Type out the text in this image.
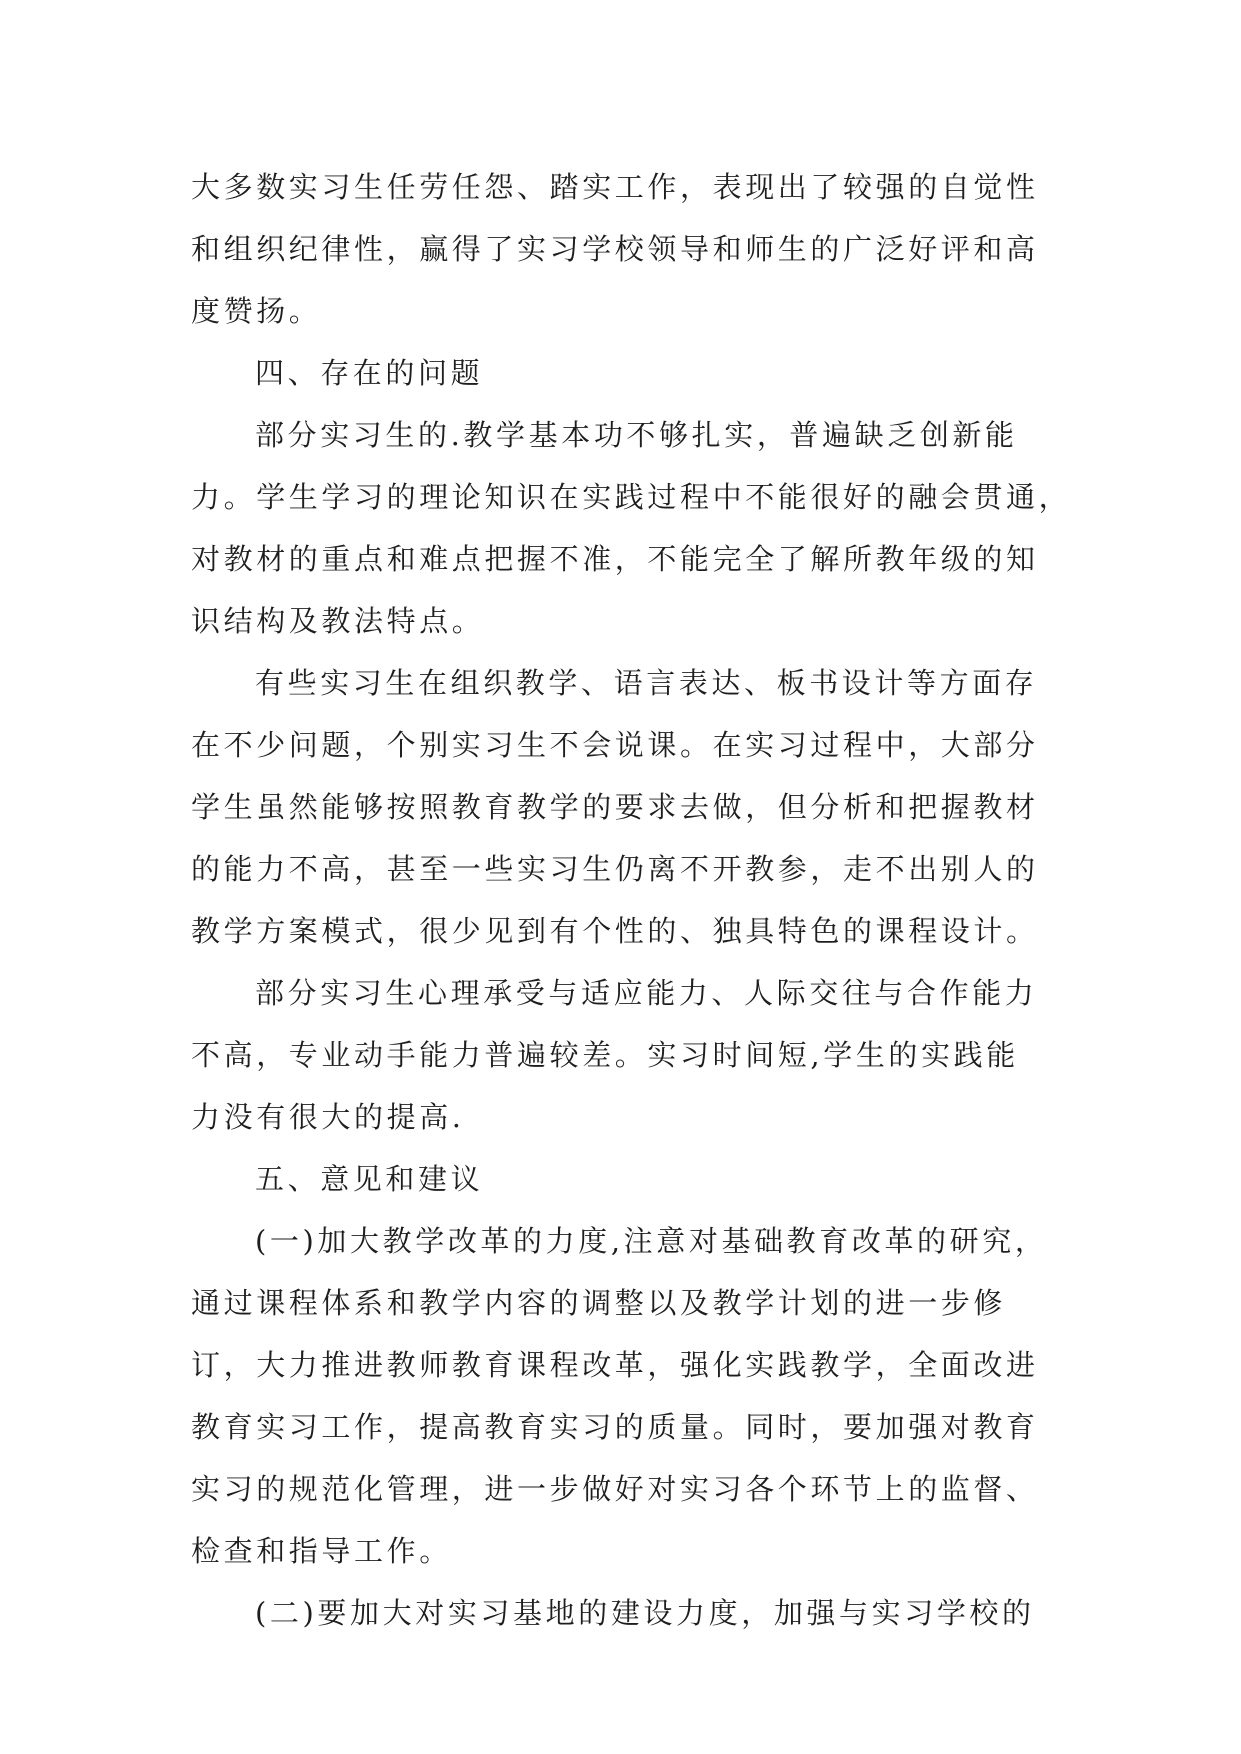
大多数实习生任劳任怨、踏实工作，表现出了较强的自觉性
和组织纪律性，赢得了实习学校领导和师生的广泛好评和高
度赞扬。
四、存在的问题
部分实习生的.教学基本功不够扎实，普遍缺乏创新能
力。学生学习的理论知识在实践过程中不能很好的融会贯通，
对教材的重点和难点把握不准，不能完全了解所教年级的知
识结构及教法特点。
有些实习生在组织教学、语言表达、板书设计等方面存
在不少问题，个别实习生不会说课。在实习过程中，大部分
学生虽然能够按照教育教学的要求去做，但分析和把握教材
的能力不高，甚至一些实习生仍离不开教参，走不出别人的
教学方案模式，很少见到有个性的、独具特色的课程设计。
部分实习生心理承受与适应能力、人际交往与合作能力
不高，专业动手能力普遍较差。实习时间短,学生的实践能
力没有很大的提高.
五、意见和建议
(一)加大教学改革的力度,注意对基础教育改革的研究，
通过课程体系和教学内容的调整以及教学计划的进一步修
订，大力推进教师教育课程改革，强化实践教学，全面改进
教育实习工作，提高教育实习的质量。同时，要加强对教育
实习的规范化管理，进一步做好对实习各个环节上的监督、
检查和指导工作。
(二)要加大对实习基地的建设力度，加强与实习学校的
